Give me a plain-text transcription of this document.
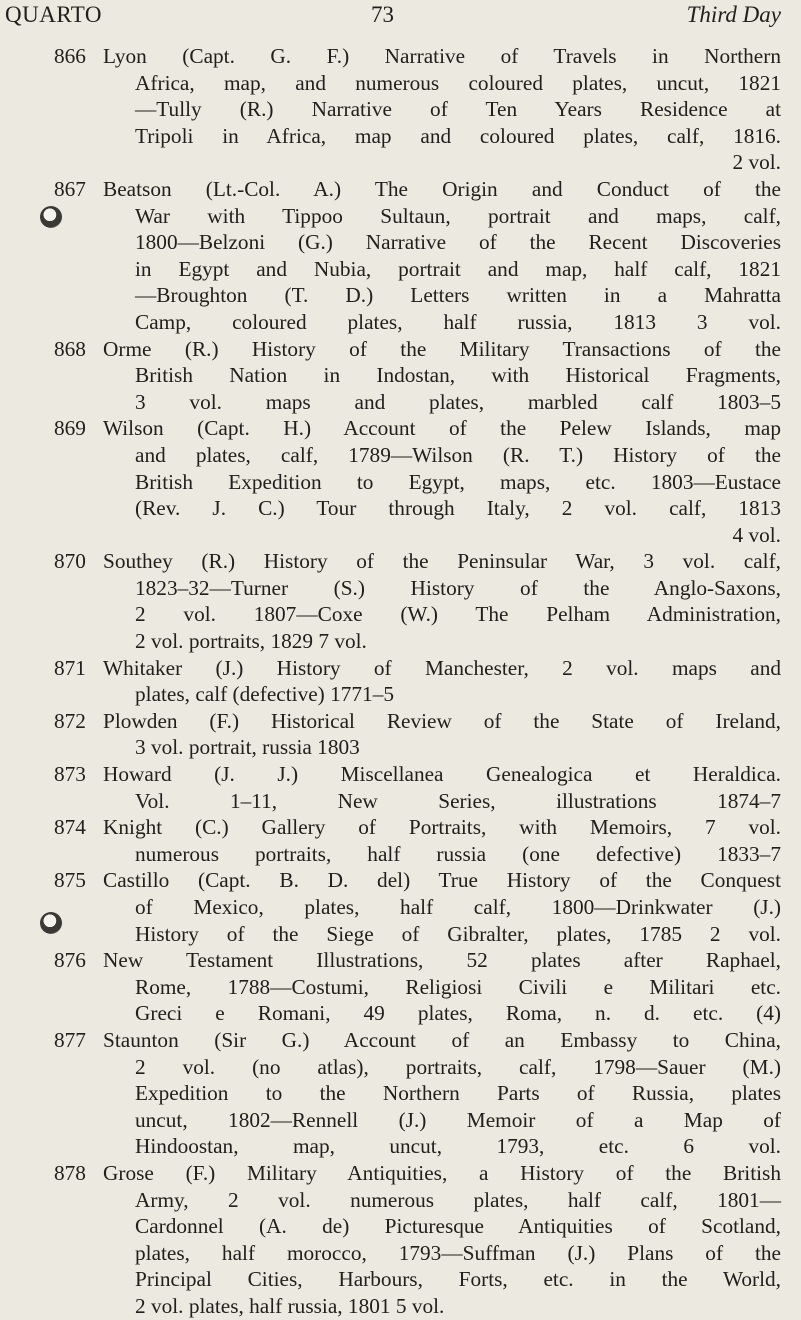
QUARTO	73	Third Day
866 Lyon (Capt. G. F.) Narrative of Travels in Northern
Africa, map, and numerous coloured plates, uncut, 1821
—Tully (R.) Narrative of Ten Years Residence at
Tripoli in Africa, map and coloured plates, calf, 1816.
2 vol.
867 Beatson (Lt.-Col. A.) The Origin and Conduct of the
War with Tippoo Sultaun, portrait and maps, calf,
1800—Belzoni (G.) Narrative of the Recent Discoveries
in Egypt and Nubia, portrait and map, half calf, 1821
—Broughton (T. D.) Letters written in a Mahratta
Camp, coloured plates, half russia, 1813 3 vol.
868 Orme (R.) History of the Military Transactions of the
British Nation in Indostan, with Historical Fragments,
3 vol. maps and plates, marbled calf 1803–5
869 Wilson (Capt. H.) Account of the Pelew Islands, map
and plates, calf, 1789—Wilson (R. T.) History of the
British Expedition to Egypt, maps, etc. 1803—Eustace
(Rev. J. C.) Tour through Italy, 2 vol. calf, 1813
4 vol.
870 Southey (R.) History of the Peninsular War, 3 vol. calf,
1823–32—Turner (S.) History of the Anglo-Saxons,
2 vol. 1807—Coxe (W.) The Pelham Administration,
2 vol. portraits, 1829 7 vol.
871 Whitaker (J.) History of Manchester, 2 vol. maps and
plates, calf (defective) 1771–5
872 Plowden (F.) Historical Review of the State of Ireland,
3 vol. portrait, russia 1803
873 Howard (J. J.) Miscellanea Genealogica et Heraldica.
Vol. 1–11, New Series, illustrations 1874–7
874 Knight (C.) Gallery of Portraits, with Memoirs, 7 vol.
numerous portraits, half russia (one defective) 1833–7
875 Castillo (Capt. B. D. del) True History of the Conquest
of Mexico, plates, half calf, 1800—Drinkwater (J.)
History of the Siege of Gibralter, plates, 1785 2 vol.
876 New Testament Illustrations, 52 plates after Raphael,
Rome, 1788—Costumi, Religiosi Civili e Militari etc.
Greci e Romani, 49 plates, Roma, n. d. etc. (4)
877 Staunton (Sir G.) Account of an Embassy to China,
2 vol. (no atlas), portraits, calf, 1798—Sauer (M.)
Expedition to the Northern Parts of Russia, plates
uncut, 1802—Rennell (J.) Memoir of a Map of
Hindoostan, map, uncut, 1793, etc. 6 vol.
878 Grose (F.) Military Antiquities, a History of the British
Army, 2 vol. numerous plates, half calf, 1801—
Cardonnel (A. de) Picturesque Antiquities of Scotland,
plates, half morocco, 1793—Suffman (J.) Plans of the
Principal Cities, Harbours, Forts, etc. in the World,
2 vol. plates, half russia, 1801 5 vol.
